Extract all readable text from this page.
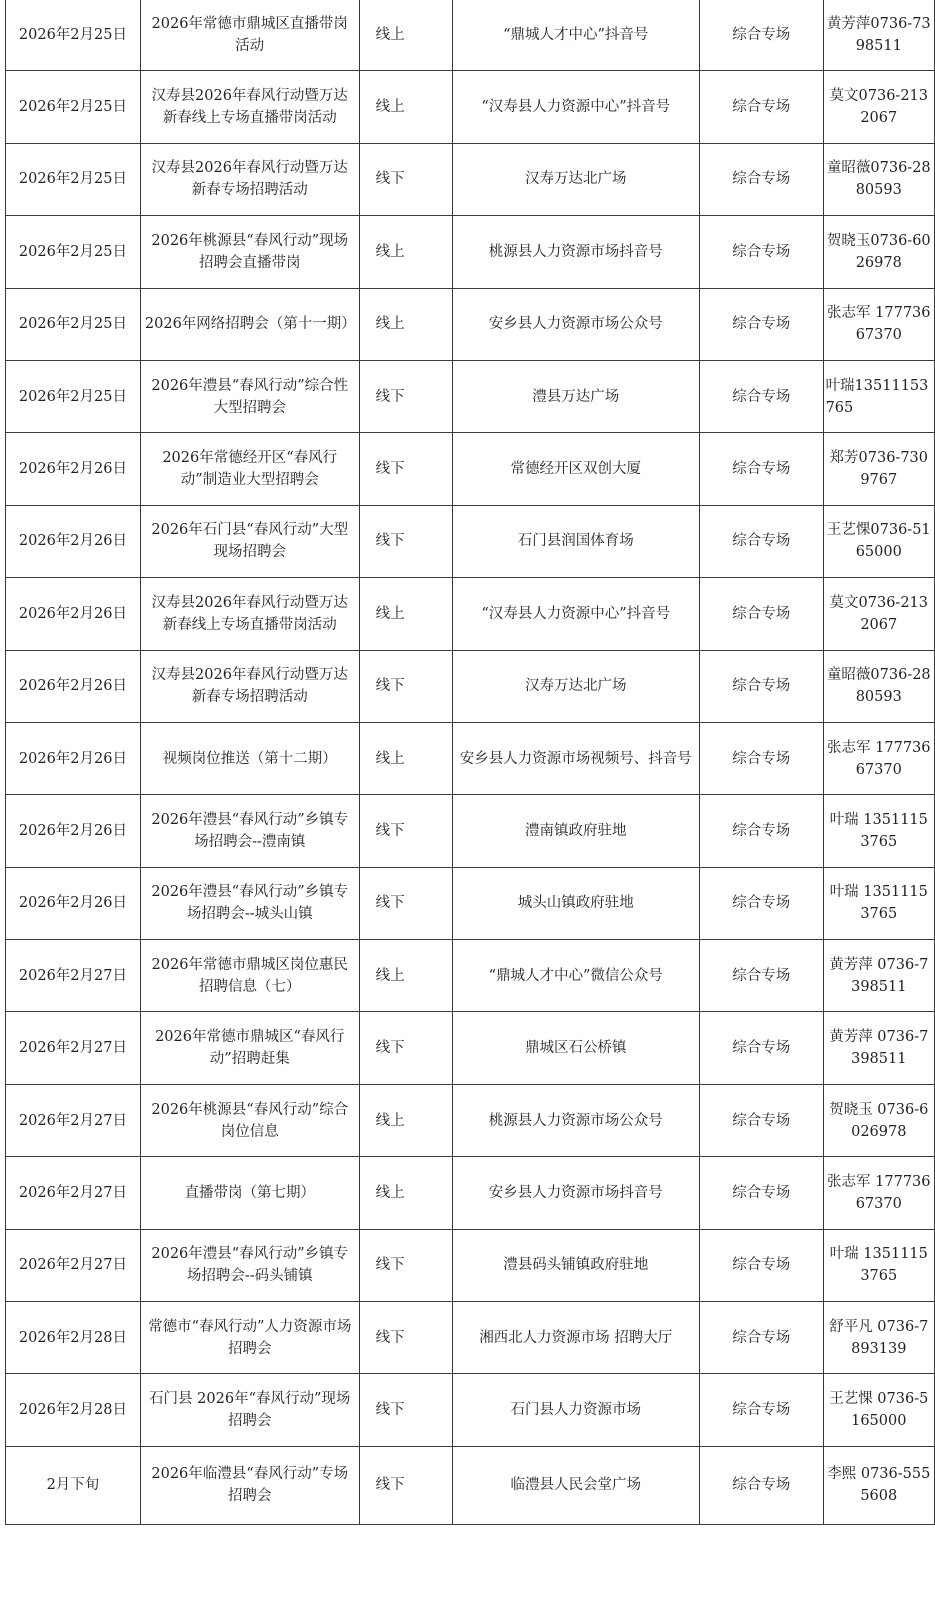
2026年2月25日	2026年常德市鼎城区直播带岗活动	线上	“鼎城人才中心”抖音号	综合专场	黄芳萍0736-7398511
2026年2月25日	汉寿县2026年春风行动暨万达新春线上专场直播带岗活动	线上	“汉寿县人力资源中心”抖音号	综合专场	莫文0736-2132067
2026年2月25日	汉寿县2026年春风行动暨万达新春专场招聘活动	线下	汉寿万达北广场	综合专场	童昭薇0736-2880593
2026年2月25日	2026年桃源县“春风行动”现场招聘会直播带岗	线上	桃源县人力资源市场抖音号	综合专场	贺晓玉0736-6026978
2026年2月25日	2026年网络招聘会（第十一期）	线上	安乡县人力资源市场公众号	综合专场	张志军 17773667370
2026年2月25日	2026年澧县“春风行动”综合性大型招聘会	线下	澧县万达广场	综合专场	叶瑞13511153765
2026年2月26日	2026年常德经开区“春风行动”制造业大型招聘会	线下	常德经开区双创大厦	综合专场	郑芳0736-7309767
2026年2月26日	2026年石门县“春风行动”大型现场招聘会	线下	石门县润国体育场	综合专场	王艺惈0736-5165000
2026年2月26日	汉寿县2026年春风行动暨万达新春线上专场直播带岗活动	线上	“汉寿县人力资源中心”抖音号	综合专场	莫文0736-2132067
2026年2月26日	汉寿县2026年春风行动暨万达新春专场招聘活动	线下	汉寿万达北广场	综合专场	童昭薇0736-2880593
2026年2月26日	视频岗位推送（第十二期）	线上	安乡县人力资源市场视频号、抖音号	综合专场	张志军 17773667370
2026年2月26日	2026年澧县“春风行动”乡镇专场招聘会--澧南镇	线下	澧南镇政府驻地	综合专场	叶瑞 13511153765
2026年2月26日	2026年澧县“春风行动”乡镇专场招聘会--城头山镇	线下	城头山镇政府驻地	综合专场	叶瑞 13511153765
2026年2月27日	2026年常德市鼎城区岗位惠民招聘信息（七）	线上	“鼎城人才中心”微信公众号	综合专场	黄芳萍 0736-7398511
2026年2月27日	2026年常德市鼎城区“春风行动”招聘赶集	线下	鼎城区石公桥镇	综合专场	黄芳萍 0736-7398511
2026年2月27日	2026年桃源县“春风行动”综合岗位信息	线上	桃源县人力资源市场公众号	综合专场	贺晓玉 0736-6026978
2026年2月27日	直播带岗（第七期）	线上	安乡县人力资源市场抖音号	综合专场	张志军 17773667370
2026年2月27日	2026年澧县“春风行动”乡镇专场招聘会--码头铺镇	线下	澧县码头铺镇政府驻地	综合专场	叶瑞 13511153765
2026年2月28日	常德市“春风行动”人力资源市场招聘会	线下	湘西北人力资源市场 招聘大厅	综合专场	舒平凡 0736-7893139
2026年2月28日	石门县 2026年“春风行动”现场招聘会	线下	石门县人力资源市场	综合专场	王艺惈 0736-5165000
2月下旬	2026年临澧县“春风行动”专场招聘会	线下	临澧县人民会堂广场	综合专场	李熙 0736-5555608
